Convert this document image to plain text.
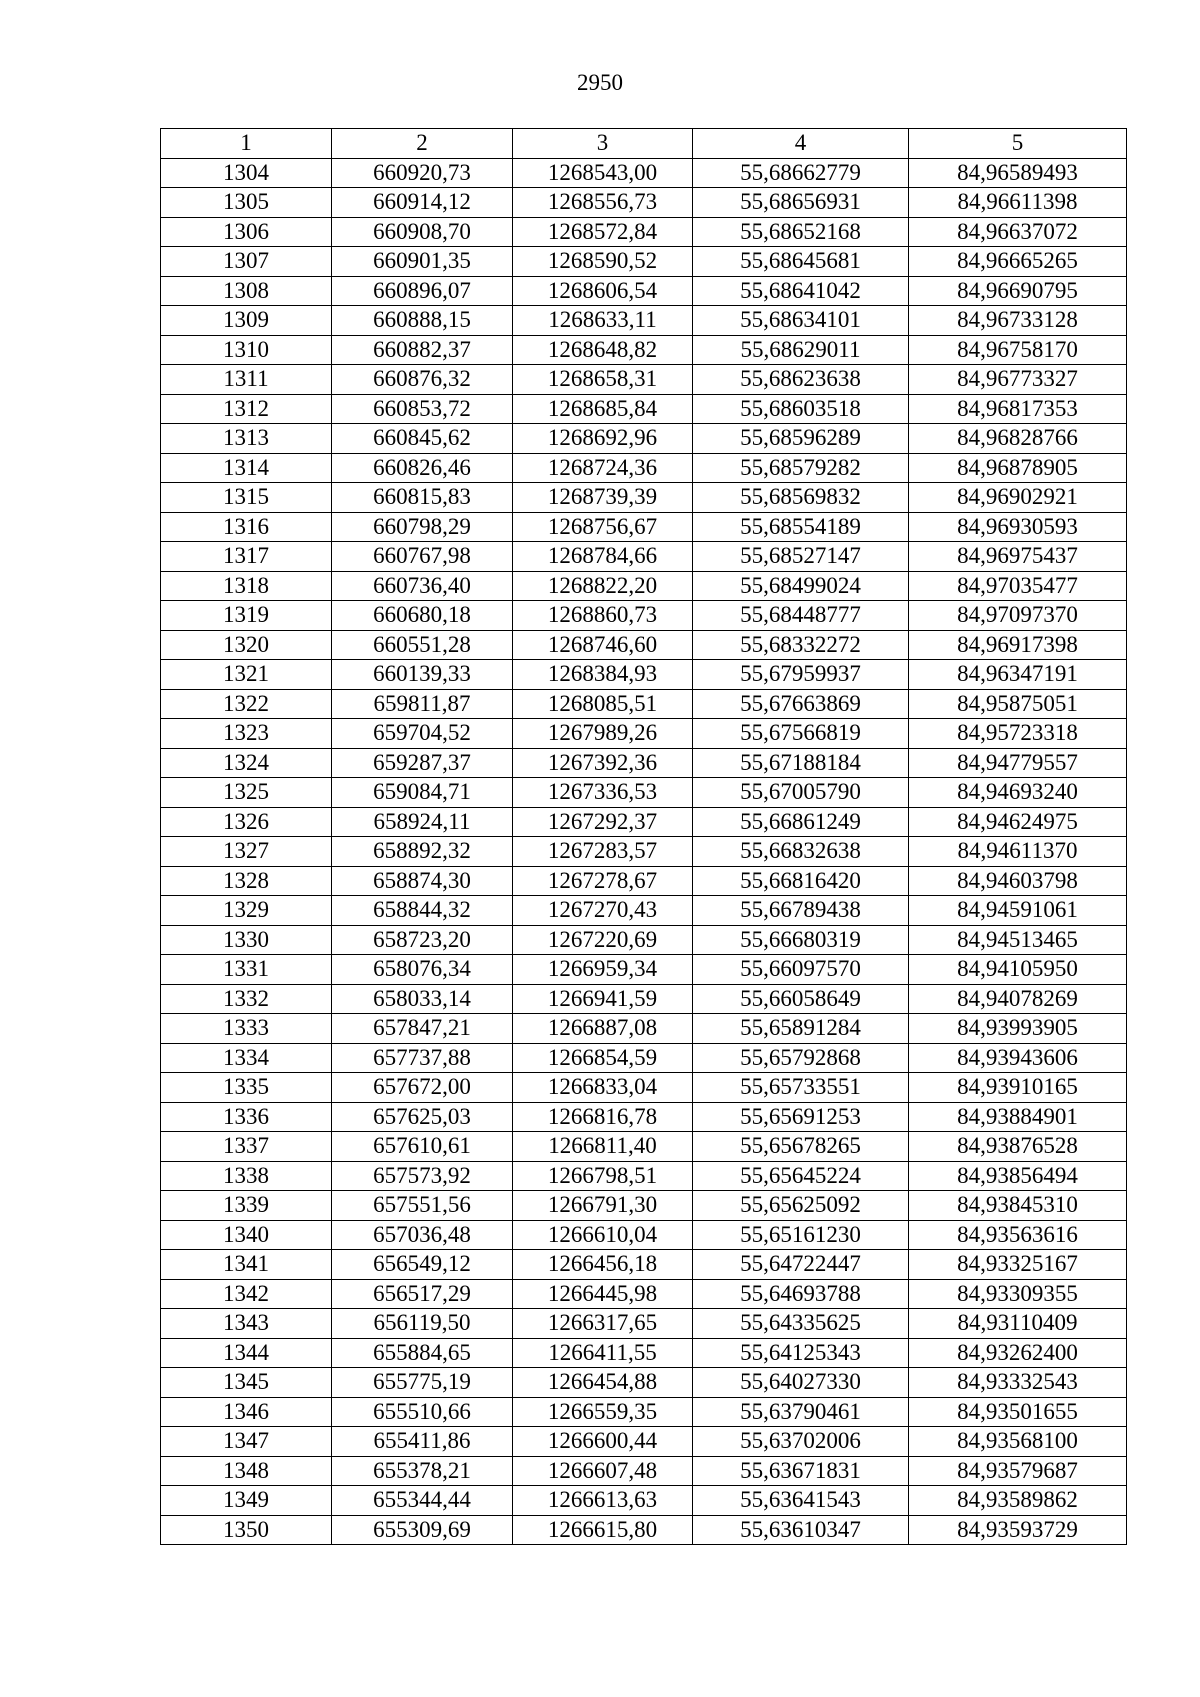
2950
1	2	3	4	5
1304	660920,73	1268543,00	55,68662779	84,96589493
1305	660914,12	1268556,73	55,68656931	84,96611398
1306	660908,70	1268572,84	55,68652168	84,96637072
1307	660901,35	1268590,52	55,68645681	84,96665265
1308	660896,07	1268606,54	55,68641042	84,96690795
1309	660888,15	1268633,11	55,68634101	84,96733128
1310	660882,37	1268648,82	55,68629011	84,96758170
1311	660876,32	1268658,31	55,68623638	84,96773327
1312	660853,72	1268685,84	55,68603518	84,96817353
1313	660845,62	1268692,96	55,68596289	84,96828766
1314	660826,46	1268724,36	55,68579282	84,96878905
1315	660815,83	1268739,39	55,68569832	84,96902921
1316	660798,29	1268756,67	55,68554189	84,96930593
1317	660767,98	1268784,66	55,68527147	84,96975437
1318	660736,40	1268822,20	55,68499024	84,97035477
1319	660680,18	1268860,73	55,68448777	84,97097370
1320	660551,28	1268746,60	55,68332272	84,96917398
1321	660139,33	1268384,93	55,67959937	84,96347191
1322	659811,87	1268085,51	55,67663869	84,95875051
1323	659704,52	1267989,26	55,67566819	84,95723318
1324	659287,37	1267392,36	55,67188184	84,94779557
1325	659084,71	1267336,53	55,67005790	84,94693240
1326	658924,11	1267292,37	55,66861249	84,94624975
1327	658892,32	1267283,57	55,66832638	84,94611370
1328	658874,30	1267278,67	55,66816420	84,94603798
1329	658844,32	1267270,43	55,66789438	84,94591061
1330	658723,20	1267220,69	55,66680319	84,94513465
1331	658076,34	1266959,34	55,66097570	84,94105950
1332	658033,14	1266941,59	55,66058649	84,94078269
1333	657847,21	1266887,08	55,65891284	84,93993905
1334	657737,88	1266854,59	55,65792868	84,93943606
1335	657672,00	1266833,04	55,65733551	84,93910165
1336	657625,03	1266816,78	55,65691253	84,93884901
1337	657610,61	1266811,40	55,65678265	84,93876528
1338	657573,92	1266798,51	55,65645224	84,93856494
1339	657551,56	1266791,30	55,65625092	84,93845310
1340	657036,48	1266610,04	55,65161230	84,93563616
1341	656549,12	1266456,18	55,64722447	84,93325167
1342	656517,29	1266445,98	55,64693788	84,93309355
1343	656119,50	1266317,65	55,64335625	84,93110409
1344	655884,65	1266411,55	55,64125343	84,93262400
1345	655775,19	1266454,88	55,64027330	84,93332543
1346	655510,66	1266559,35	55,63790461	84,93501655
1347	655411,86	1266600,44	55,63702006	84,93568100
1348	655378,21	1266607,48	55,63671831	84,93579687
1349	655344,44	1266613,63	55,63641543	84,93589862
1350	655309,69	1266615,80	55,63610347	84,93593729
